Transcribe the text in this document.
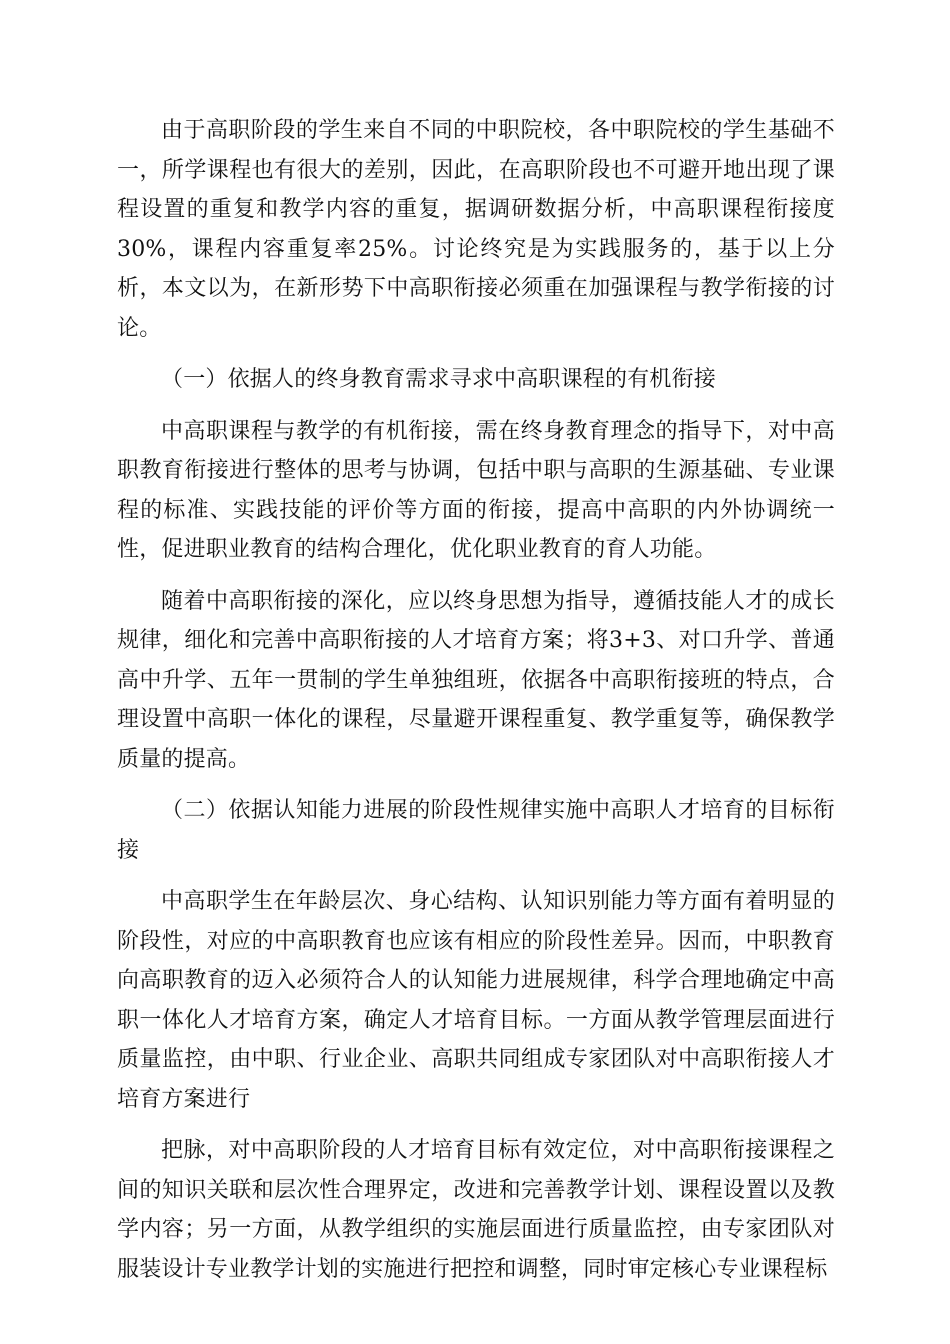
由于高职阶段的学生来自不同的中职院校，各中职院校的学生基础不一，所学课程也有很大的差别，因此，在高职阶段也不可避开地出现了课程设置的重复和教学内容的重复，据调研数据分析，中高职课程衔接度30%，课程内容重复率25%。讨论终究是为实践服务的，基于以上分析，本文以为，在新形势下中高职衔接必须重在加强课程与教学衔接的讨论。

（一）依据人的终身教育需求寻求中高职课程的有机衔接

中高职课程与教学的有机衔接，需在终身教育理念的指导下，对中高职教育衔接进行整体的思考与协调，包括中职与高职的生源基础、专业课程的标准、实践技能的评价等方面的衔接，提高中高职的内外协调统一性，促进职业教育的结构合理化，优化职业教育的育人功能。

随着中高职衔接的深化，应以终身思想为指导，遵循技能人才的成长规律，细化和完善中高职衔接的人才培育方案；将3+3、对口升学、普通高中升学、五年一贯制的学生单独组班，依据各中高职衔接班的特点，合理设置中高职一体化的课程，尽量避开课程重复、教学重复等，确保教学质量的提高。

（二）依据认知能力进展的阶段性规律实施中高职人才培育的目标衔接

中高职学生在年龄层次、身心结构、认知识别能力等方面有着明显的阶段性，对应的中高职教育也应该有相应的阶段性差异。因而，中职教育向高职教育的迈入必须符合人的认知能力进展规律，科学合理地确定中高职一体化人才培育方案，确定人才培育目标。一方面从教学管理层面进行质量监控，由中职、行业企业、高职共同组成专家团队对中高职衔接人才培育方案进行

把脉，对中高职阶段的人才培育目标有效定位，对中高职衔接课程之间的知识关联和层次性合理界定，改进和完善教学计划、课程设置以及教学内容；另一方面，从教学组织的实施层面进行质量监控，由专家团队对服装设计专业教学计划的实施进行把控和调整，同时审定核心专业课程标
